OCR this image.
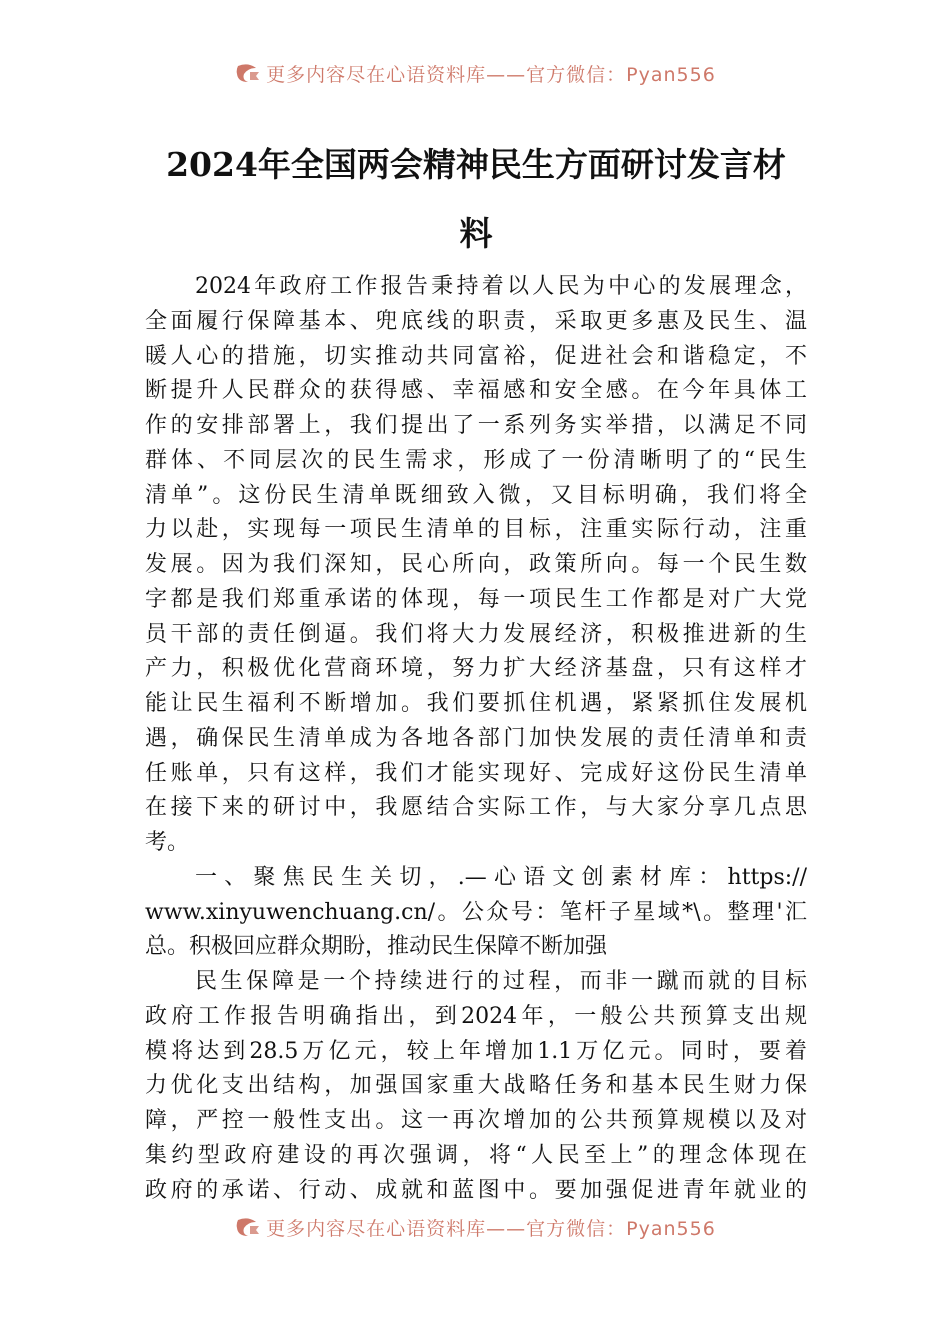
更多内容尽在心语资料库——官方微信：Pyan556
2024年全国两会精神民生方面研讨发言材
料
2024年政府工作报告秉持着以人民为中心的发展理念，
全面履行保障基本、兜底线的职责，采取更多惠及民生、温
暖人心的措施，切实推动共同富裕，促进社会和谐稳定，不
断提升人民群众的获得感、幸福感和安全感。在今年具体工
作的安排部署上，我们提出了一系列务实举措，以满足不同
群体、不同层次的民生需求，形成了一份清晰明了的“民生
清单”。这份民生清单既细致入微，又目标明确，我们将全
力以赴，实现每一项民生清单的目标，注重实际行动，注重
发展。因为我们深知，民心所向，政策所向。每一个民生数
字都是我们郑重承诺的体现，每一项民生工作都是对广大党
员干部的责任倒逼。我们将大力发展经济，积极推进新的生
产力，积极优化营商环境，努力扩大经济基盘，只有这样才
能让民生福利不断增加。我们要抓住机遇，紧紧抓住发展机
遇，确保民生清单成为各地各部门加快发展的责任清单和责
任账单，只有这样，我们才能实现好、完成好这份民生清单
在接下来的研讨中，我愿结合实际工作，与大家分享几点思
考。
一、聚焦民生关切，.—心语文创素材库：https://
www.xinyuwenchuang.cn/。公众号：笔杆子星域*\。整理'汇
总。积极回应群众期盼，推动民生保障不断加强
民生保障是一个持续进行的过程，而非一蹴而就的目标
政府工作报告明确指出，到2024年，一般公共预算支出规
模将达到28.5万亿元，较上年增加1.1万亿元。同时，要着
力优化支出结构，加强国家重大战略任务和基本民生财力保
障，严控一般性支出。这一再次增加的公共预算规模以及对
集约型政府建设的再次强调，将“人民至上”的理念体现在
政府的承诺、行动、成就和蓝图中。要加强促进青年就业的
更多内容尽在心语资料库——官方微信：Pyan556
